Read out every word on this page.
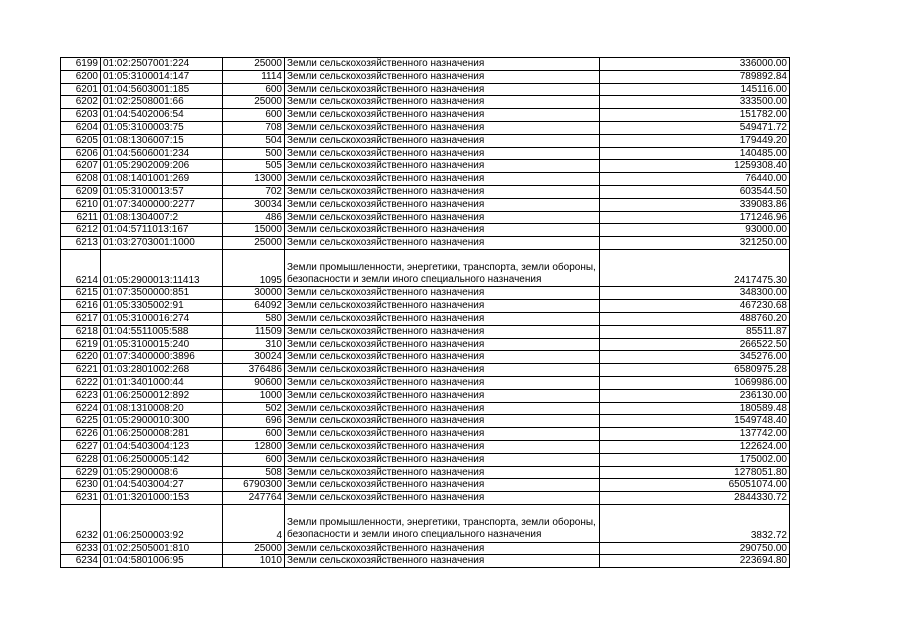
6199	01:02:2507001:224	25000	Земли сельскохозяйственного назначения	336000.00
6200	01:05:3100014:147	1114	Земли сельскохозяйственного назначения	789892.84
6201	01:04:5603001:185	600	Земли сельскохозяйственного назначения	145116.00
6202	01:02:2508001:66	25000	Земли сельскохозяйственного назначения	333500.00
6203	01:04:5402006:54	600	Земли сельскохозяйственного назначения	151782.00
6204	01:05:3100003:75	708	Земли сельскохозяйственного назначения	549471.72
6205	01:08:1306007:15	504	Земли сельскохозяйственного назначения	179449.20
6206	01:04:5606001:234	500	Земли сельскохозяйственного назначения	140485.00
6207	01:05:2902009:206	505	Земли сельскохозяйственного назначения	1259308.40
6208	01:08:1401001:269	13000	Земли сельскохозяйственного назначения	76440.00
6209	01:05:3100013:57	702	Земли сельскохозяйственного назначения	603544.50
6210	01:07:3400000:2277	30034	Земли сельскохозяйственного назначения	339083.86
6211	01:08:1304007:2	486	Земли сельскохозяйственного назначения	171246.96
6212	01:04:5711013:167	15000	Земли сельскохозяйственного назначения	93000.00
6213	01:03:2703001:1000	25000	Земли сельскохозяйственного назначения	321250.00
6214	01:05:2900013:11413	1095	Земли промышленности, энергетики, транспорта, земли обороны, безопасности и земли иного специального назначения	2417475.30
6215	01:07:3500000:851	30000	Земли сельскохозяйственного назначения	348300.00
6216	01:05:3305002:91	64092	Земли сельскохозяйственного назначения	467230.68
6217	01:05:3100016:274	580	Земли сельскохозяйственного назначения	488760.20
6218	01:04:5511005:588	11509	Земли сельскохозяйственного назначения	85511.87
6219	01:05:3100015:240	310	Земли сельскохозяйственного назначения	266522.50
6220	01:07:3400000:3896	30024	Земли сельскохозяйственного назначения	345276.00
6221	01:03:2801002:268	376486	Земли сельскохозяйственного назначения	6580975.28
6222	01:01:3401000:44	90600	Земли сельскохозяйственного назначения	1069986.00
6223	01:06:2500012:892	1000	Земли сельскохозяйственного назначения	236130.00
6224	01:08:1310008:20	502	Земли сельскохозяйственного назначения	180589.48
6225	01:05:2900010:300	696	Земли сельскохозяйственного назначения	1549748.40
6226	01:06:2500008:281	600	Земли сельскохозяйственного назначения	137742.00
6227	01:04:5403004:123	12800	Земли сельскохозяйственного назначения	122624.00
6228	01:06:2500005:142	600	Земли сельскохозяйственного назначения	175002.00
6229	01:05:2900008:6	508	Земли сельскохозяйственного назначения	1278051.80
6230	01:04:5403004:27	6790300	Земли сельскохозяйственного назначения	65051074.00
6231	01:01:3201000:153	247764	Земли сельскохозяйственного назначения	2844330.72
6232	01:06:2500003:92	4	Земли промышленности, энергетики, транспорта, земли обороны, безопасности и земли иного специального назначения	3832.72
6233	01:02:2505001:810	25000	Земли сельскохозяйственного назначения	290750.00
6234	01:04:5801006:95	1010	Земли сельскохозяйственного назначения	223694.80
